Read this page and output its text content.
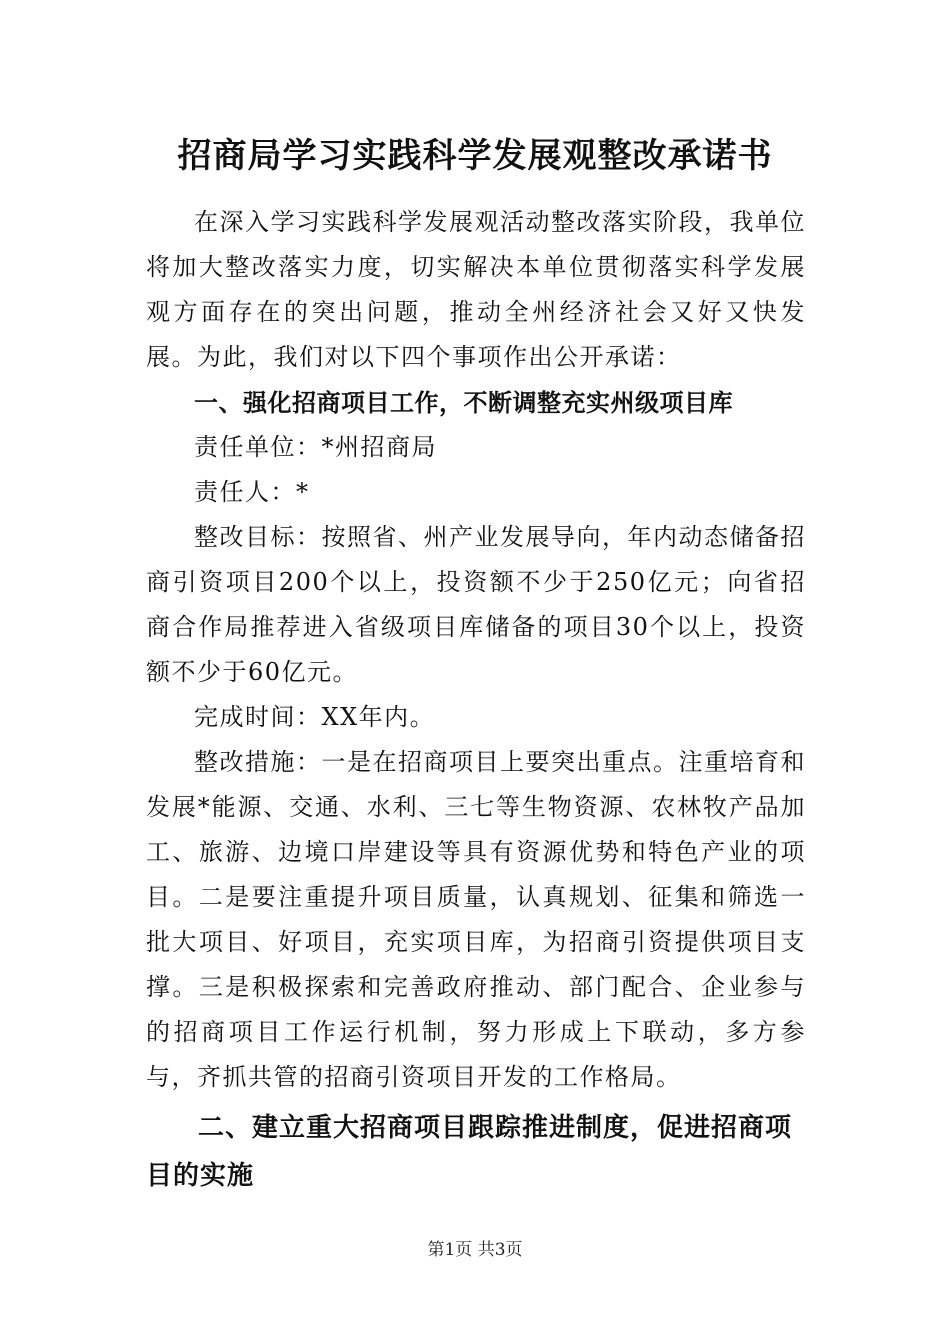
招商局学习实践科学发展观整改承诺书

在深入学习实践科学发展观活动整改落实阶段，我单位将加大整改落实力度，切实解决本单位贯彻落实科学发展观方面存在的突出问题，推动全州经济社会又好又快发展。为此，我们对以下四个事项作出公开承诺：

一、强化招商项目工作，不断调整充实州级项目库

责任单位：*州招商局

责任人：*

整改目标：按照省、州产业发展导向，年内动态储备招商引资项目200个以上，投资额不少于250亿元；向省招商合作局推荐进入省级项目库储备的项目30个以上，投资额不少于60亿元。

完成时间：XX年内。

整改措施：一是在招商项目上要突出重点。注重培育和发展*能源、交通、水利、三七等生物资源、农林牧产品加工、旅游、边境口岸建设等具有资源优势和特色产业的项目。二是要注重提升项目质量，认真规划、征集和筛选一批大项目、好项目，充实项目库，为招商引资提供项目支撑。三是积极探索和完善政府推动、部门配合、企业参与的招商项目工作运行机制，努力形成上下联动，多方参与，齐抓共管的招商引资项目开发的工作格局。

二、建立重大招商项目跟踪推进制度，促进招商项目的实施

第1页 共3页
